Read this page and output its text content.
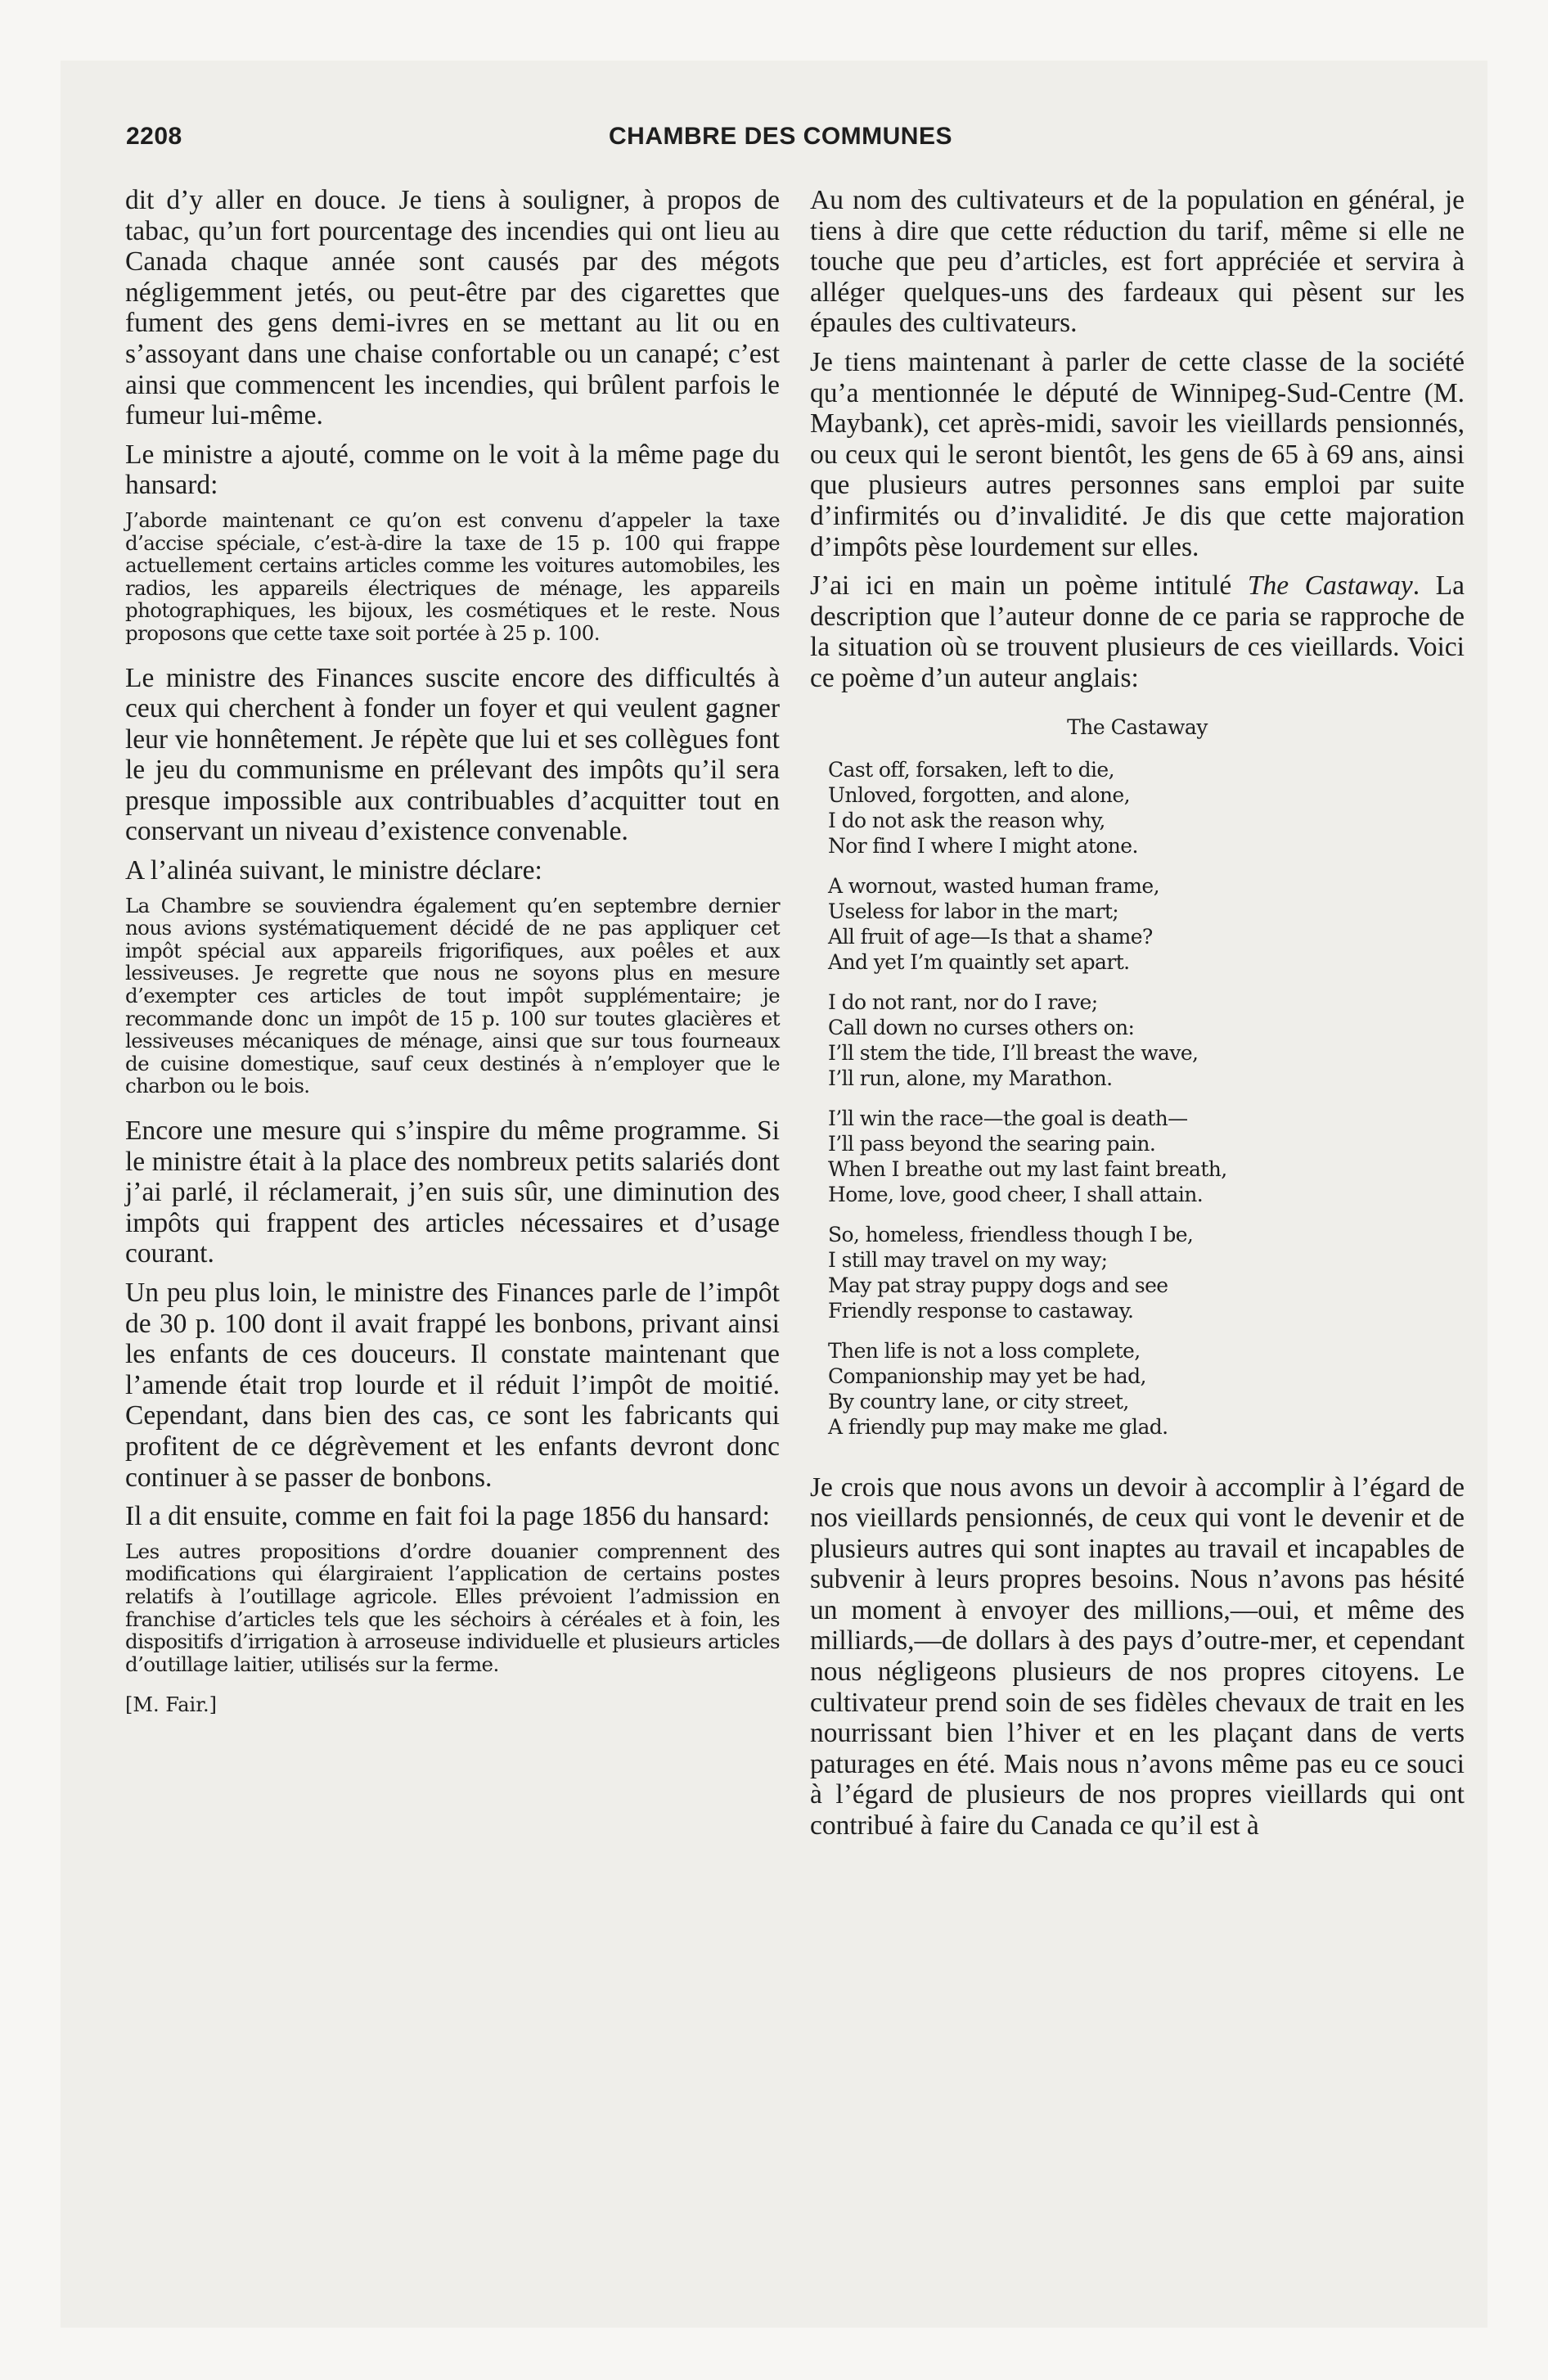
2208	CHAMBRE DES COMMUNES

dit d’y aller en douce. Je tiens à souligner, à propos de tabac, qu’un fort pourcentage des incendies qui ont lieu au Canada chaque année sont causés par des mégots négligemment jetés, ou peut-être par des cigarettes que fument des gens demi-ivres en se mettant au lit ou en s’assoyant dans une chaise confortable ou un canapé; c’est ainsi que commencent les incendies, qui brûlent parfois le fumeur lui-même.

Le ministre a ajouté, comme on le voit à la même page du hansard:

J’aborde maintenant ce qu’on est convenu d’appeler la taxe d’accise spéciale, c’est-à-dire la taxe de 15 p. 100 qui frappe actuellement certains articles comme les voitures automobiles, les radios, les appareils électriques de ménage, les appareils photographiques, les bijoux, les cosmétiques et le reste. Nous proposons que cette taxe soit portée à 25 p. 100.

Le ministre des Finances suscite encore des difficultés à ceux qui cherchent à fonder un foyer et qui veulent gagner leur vie honnêtement. Je répète que lui et ses collègues font le jeu du communisme en prélevant des impôts qu’il sera presque impossible aux contribuables d’acquitter tout en conservant un niveau d’existence convenable.

A l’alinéa suivant, le ministre déclare:

La Chambre se souviendra également qu’en septembre dernier nous avions systématiquement décidé de ne pas appliquer cet impôt spécial aux appareils frigorifiques, aux poêles et aux lessiveuses. Je regrette que nous ne soyons plus en mesure d’exempter ces articles de tout impôt supplémentaire; je recommande donc un impôt de 15 p. 100 sur toutes glacières et lessiveuses mécaniques de ménage, ainsi que sur tous fourneaux de cuisine domestique, sauf ceux destinés à n’employer que le charbon ou le bois.

Encore une mesure qui s’inspire du même programme. Si le ministre était à la place des nombreux petits salariés dont j’ai parlé, il réclamerait, j’en suis sûr, une diminution des impôts qui frappent des articles nécessaires et d’usage courant.

Un peu plus loin, le ministre des Finances parle de l’impôt de 30 p. 100 dont il avait frappé les bonbons, privant ainsi les enfants de ces douceurs. Il constate maintenant que l’amende était trop lourde et il réduit l’impôt de moitié. Cependant, dans bien des cas, ce sont les fabricants qui profitent de ce dégrèvement et les enfants devront donc continuer à se passer de bonbons.

Il a dit ensuite, comme en fait foi la page 1856 du hansard:

Les autres propositions d’ordre douanier comprennent des modifications qui élargiraient l’application de certains postes relatifs à l’outillage agricole. Elles prévoient l’admission en franchise d’articles tels que les séchoirs à céréales et à foin, les dispositifs d’irrigation à arroseuse individuelle et plusieurs articles d’outillage laitier, utilisés sur la ferme.

[M. Fair.]

Au nom des cultivateurs et de la population en général, je tiens à dire que cette réduction du tarif, même si elle ne touche que peu d’articles, est fort appréciée et servira à alléger quelques-uns des fardeaux qui pèsent sur les épaules des cultivateurs.

Je tiens maintenant à parler de cette classe de la société qu’a mentionnée le député de Winnipeg-Sud-Centre (M. Maybank), cet après-midi, savoir les vieillards pensionnés, ou ceux qui le seront bientôt, les gens de 65 à 69 ans, ainsi que plusieurs autres personnes sans emploi par suite d’infirmités ou d’invalidité. Je dis que cette majoration d’impôts pèse lourdement sur elles.

J’ai ici en main un poème intitulé The Castaway. La description que l’auteur donne de ce paria se rapproche de la situation où se trouvent plusieurs de ces vieillards. Voici ce poème d’un auteur anglais:

The Castaway
Cast off, forsaken, left to die,
Unloved, forgotten, and alone,
I do not ask the reason why,
Nor find I where I might atone.
A wornout, wasted human frame,
Useless for labor in the mart;
All fruit of age—Is that a shame?
And yet I’m quaintly set apart.
I do not rant, nor do I rave;
Call down no curses others on:
I’ll stem the tide, I’ll breast the wave,
I’ll run, alone, my Marathon.
I’ll win the race—the goal is death—
I’ll pass beyond the searing pain.
When I breathe out my last faint breath,
Home, love, good cheer, I shall attain.
So, homeless, friendless though I be,
I still may travel on my way;
May pat stray puppy dogs and see
Friendly response to castaway.
Then life is not a loss complete,
Companionship may yet be had,
By country lane, or city street,
A friendly pup may make me glad.

Je crois que nous avons un devoir à accomplir à l’égard de nos vieillards pensionnés, de ceux qui vont le devenir et de plusieurs autres qui sont inaptes au travail et incapables de subvenir à leurs propres besoins. Nous n’avons pas hésité un moment à envoyer des millions,—oui, et même des milliards,—de dollars à des pays d’outre-mer, et cependant nous négligeons plusieurs de nos propres citoyens. Le cultivateur prend soin de ses fidèles chevaux de trait en les nourrissant bien l’hiver et en les plaçant dans de verts paturages en été. Mais nous n’avons même pas eu ce souci à l’égard de plusieurs de nos propres vieillards qui ont contribué à faire du Canada ce qu’il est à
